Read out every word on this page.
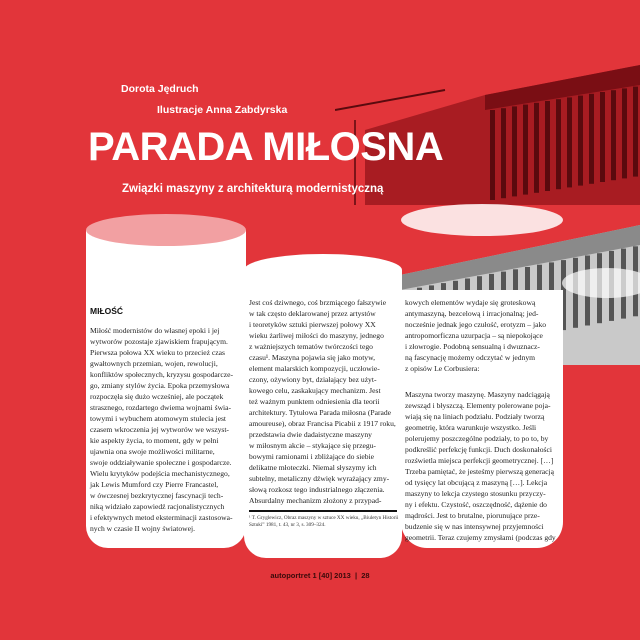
Dorota Jędruch
Ilustracje Anna Zabdyrska
PARADA MIŁOSNA
Związki maszyny z architekturą modernistyczną
MIŁOŚĆ

Miłość modernistów do własnej epoki i jej

wytworów pozostaje zjawiskiem frapującym.

Pierwsza połowa XX wieku to przecież czas

gwałtownych przemian, wojen, rewolucji,

konfliktów społecznych, kryzysu gospodarcze-

go, zmiany stylów życia. Epoka przemysłowa

rozpoczęła się dużo wcześniej, ale początek

strasznego, rozdartego dwiema wojnami świa-

towymi i wybuchem atomowym stulecia jest

czasem wkroczenia jej wytworów we wszyst-

kie aspekty życia, to moment, gdy w pełni

ujawnia ona swoje możliwości militarne,

swoje oddziaływanie społeczne i gospodarcze.

Wielu krytyków podejścia mechanistycznego,

jak Lewis Mumford czy Pierre Francastel,

w ówczesnej bezkrytycznej fascynacji tech-

niką widziało zapowiedź racjonalistycznych

i efektywnych metod eksterminacji zastosowa-

nych w czasie II wojny światowej.

Jest coś dziwnego, coś brzmiącego fałszywie

w tak często deklarowanej przez artystów

i teoretyków sztuki pierwszej połowy XX

wieku żarliwej miłości do maszyny, jednego

z ważniejszych tematów twórczości tego

czasu¹. Maszyna pojawia się jako motyw,

element malarskich kompozycji, uczłowie-

czony, ożywiony byt, działający bez użyt-

kowego celu, zaskakujący mechanizm. Jest

też ważnym punktem odniesienia dla teorii

architektury. Tytułowa Parada miłosna (Parade

amoureuse), obraz Francisa Picabii z 1917 roku,

przedstawia dwie dadaistyczne maszyny

w miłosnym akcie – stykające się przegu-

bowymi ramionami i zbliżające do siebie

delikatne młoteczki. Niemal słyszymy ich

subtelny, metaliczny dźwięk wyrażający zmy-

słową rozkosz tego industrialnego złączenia.

Absurdalny mechanizm złożony z przypad-

¹ T. Gryglewicz, Obraz maszyny w sztuce XX wieku, „Biuletyn Historii Sztuki” 1981, t. 43, nr 3, s. 309–324.

kowych elementów wydaje się groteskową

antymaszyną, bezcelową i irracjonalną; jed-

nocześnie jednak jego czułość, erotyzm – jako

antropomorficzna uzurpacja – są niepokojące

i złowrogie. Podobną sensualną i dwuznacz-

ną fascynację możemy odczytać w jednym

z opisów Le Corbusiera:

Maszyna tworzy maszynę. Maszyny nadciągają

zewsząd i błyszczą. Elementy polerowane poja-

wiają się na liniach podziału. Podziały tworzą

geometrię, która warunkuje wszystko. Jeśli

polerujemy poszczególne podziały, to po to, by

podkreślić perfekcję funkcji. Duch doskonałości

rozświetla miejsca perfekcji geometrycznej. […]

Trzeba pamiętać, że jesteśmy pierwszą generacją

od tysięcy lat obcującą z maszyną […]. Lekcja

maszyny to lekcja czystego stosunku przyczy-

ny i efektu. Czystość, oszczędność, dążenie do

mądrości. Jest to brutalne, piorunujące prze-

budzenie się w nas intensywnej przyjemności

geometrii. Teraz czujemy zmysłami (podczas gdy

autoportret 1 [40] 2013  |  28
